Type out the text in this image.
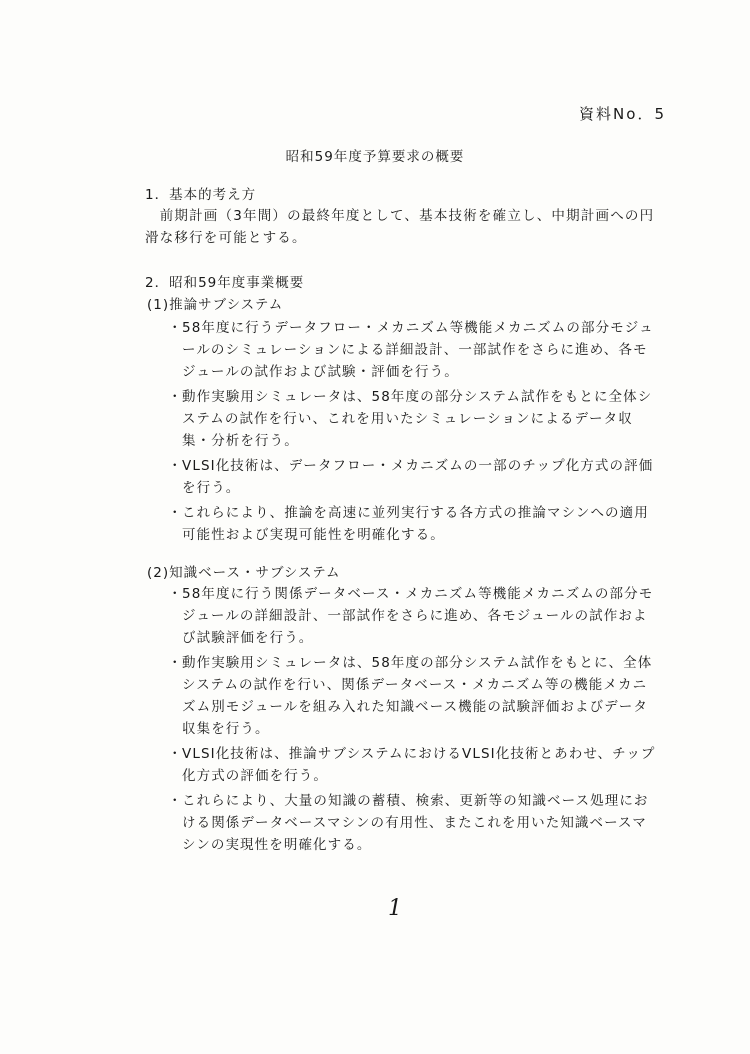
資料No．5
昭和59年度予算要求の概要
1．基本的考え方
　前期計画（3年間）の最終年度として、基本技術を確立し、中期計画への円滑な移行を可能とする。
2．昭和59年度事業概要
(1)推論サブシステム
・ 58年度に行うデータフロー・メカニズム等機能メカニズムの部分モジュールのシミュレーションによる詳細設計、一部試作をさらに進め、各モジュールの試作および試験・評価を行う。
・ 動作実験用シミュレータは、58年度の部分システム試作をもとに全体システムの試作を行い、これを用いたシミュレーションによるデータ収集・分析を行う。
・ VLSI化技術は、データフロー・メカニズムの一部のチップ化方式の評価を行う。
・ これらにより、推論を高速に並列実行する各方式の推論マシンへの適用可能性および実現可能性を明確化する。
(2)知識ベース・サブシステム
・ 58年度に行う関係データベース・メカニズム等機能メカニズムの部分モジュールの詳細設計、一部試作をさらに進め、各モジュールの試作および試験評価を行う。
・ 動作実験用シミュレータは、58年度の部分システム試作をもとに、全体システムの試作を行い、関係データベース・メカニズム等の機能メカニズム別モジュールを組み入れた知識ベース機能の試験評価およびデータ収集を行う。
・ VLSI化技術は、推論サブシステムにおけるVLSI化技術とあわせ、チップ化方式の評価を行う。
・ これらにより、大量の知識の蓄積、検索、更新等の知識ベース処理における関係データベースマシンの有用性、またこれを用いた知識ベースマシンの実現性を明確化する。
1
